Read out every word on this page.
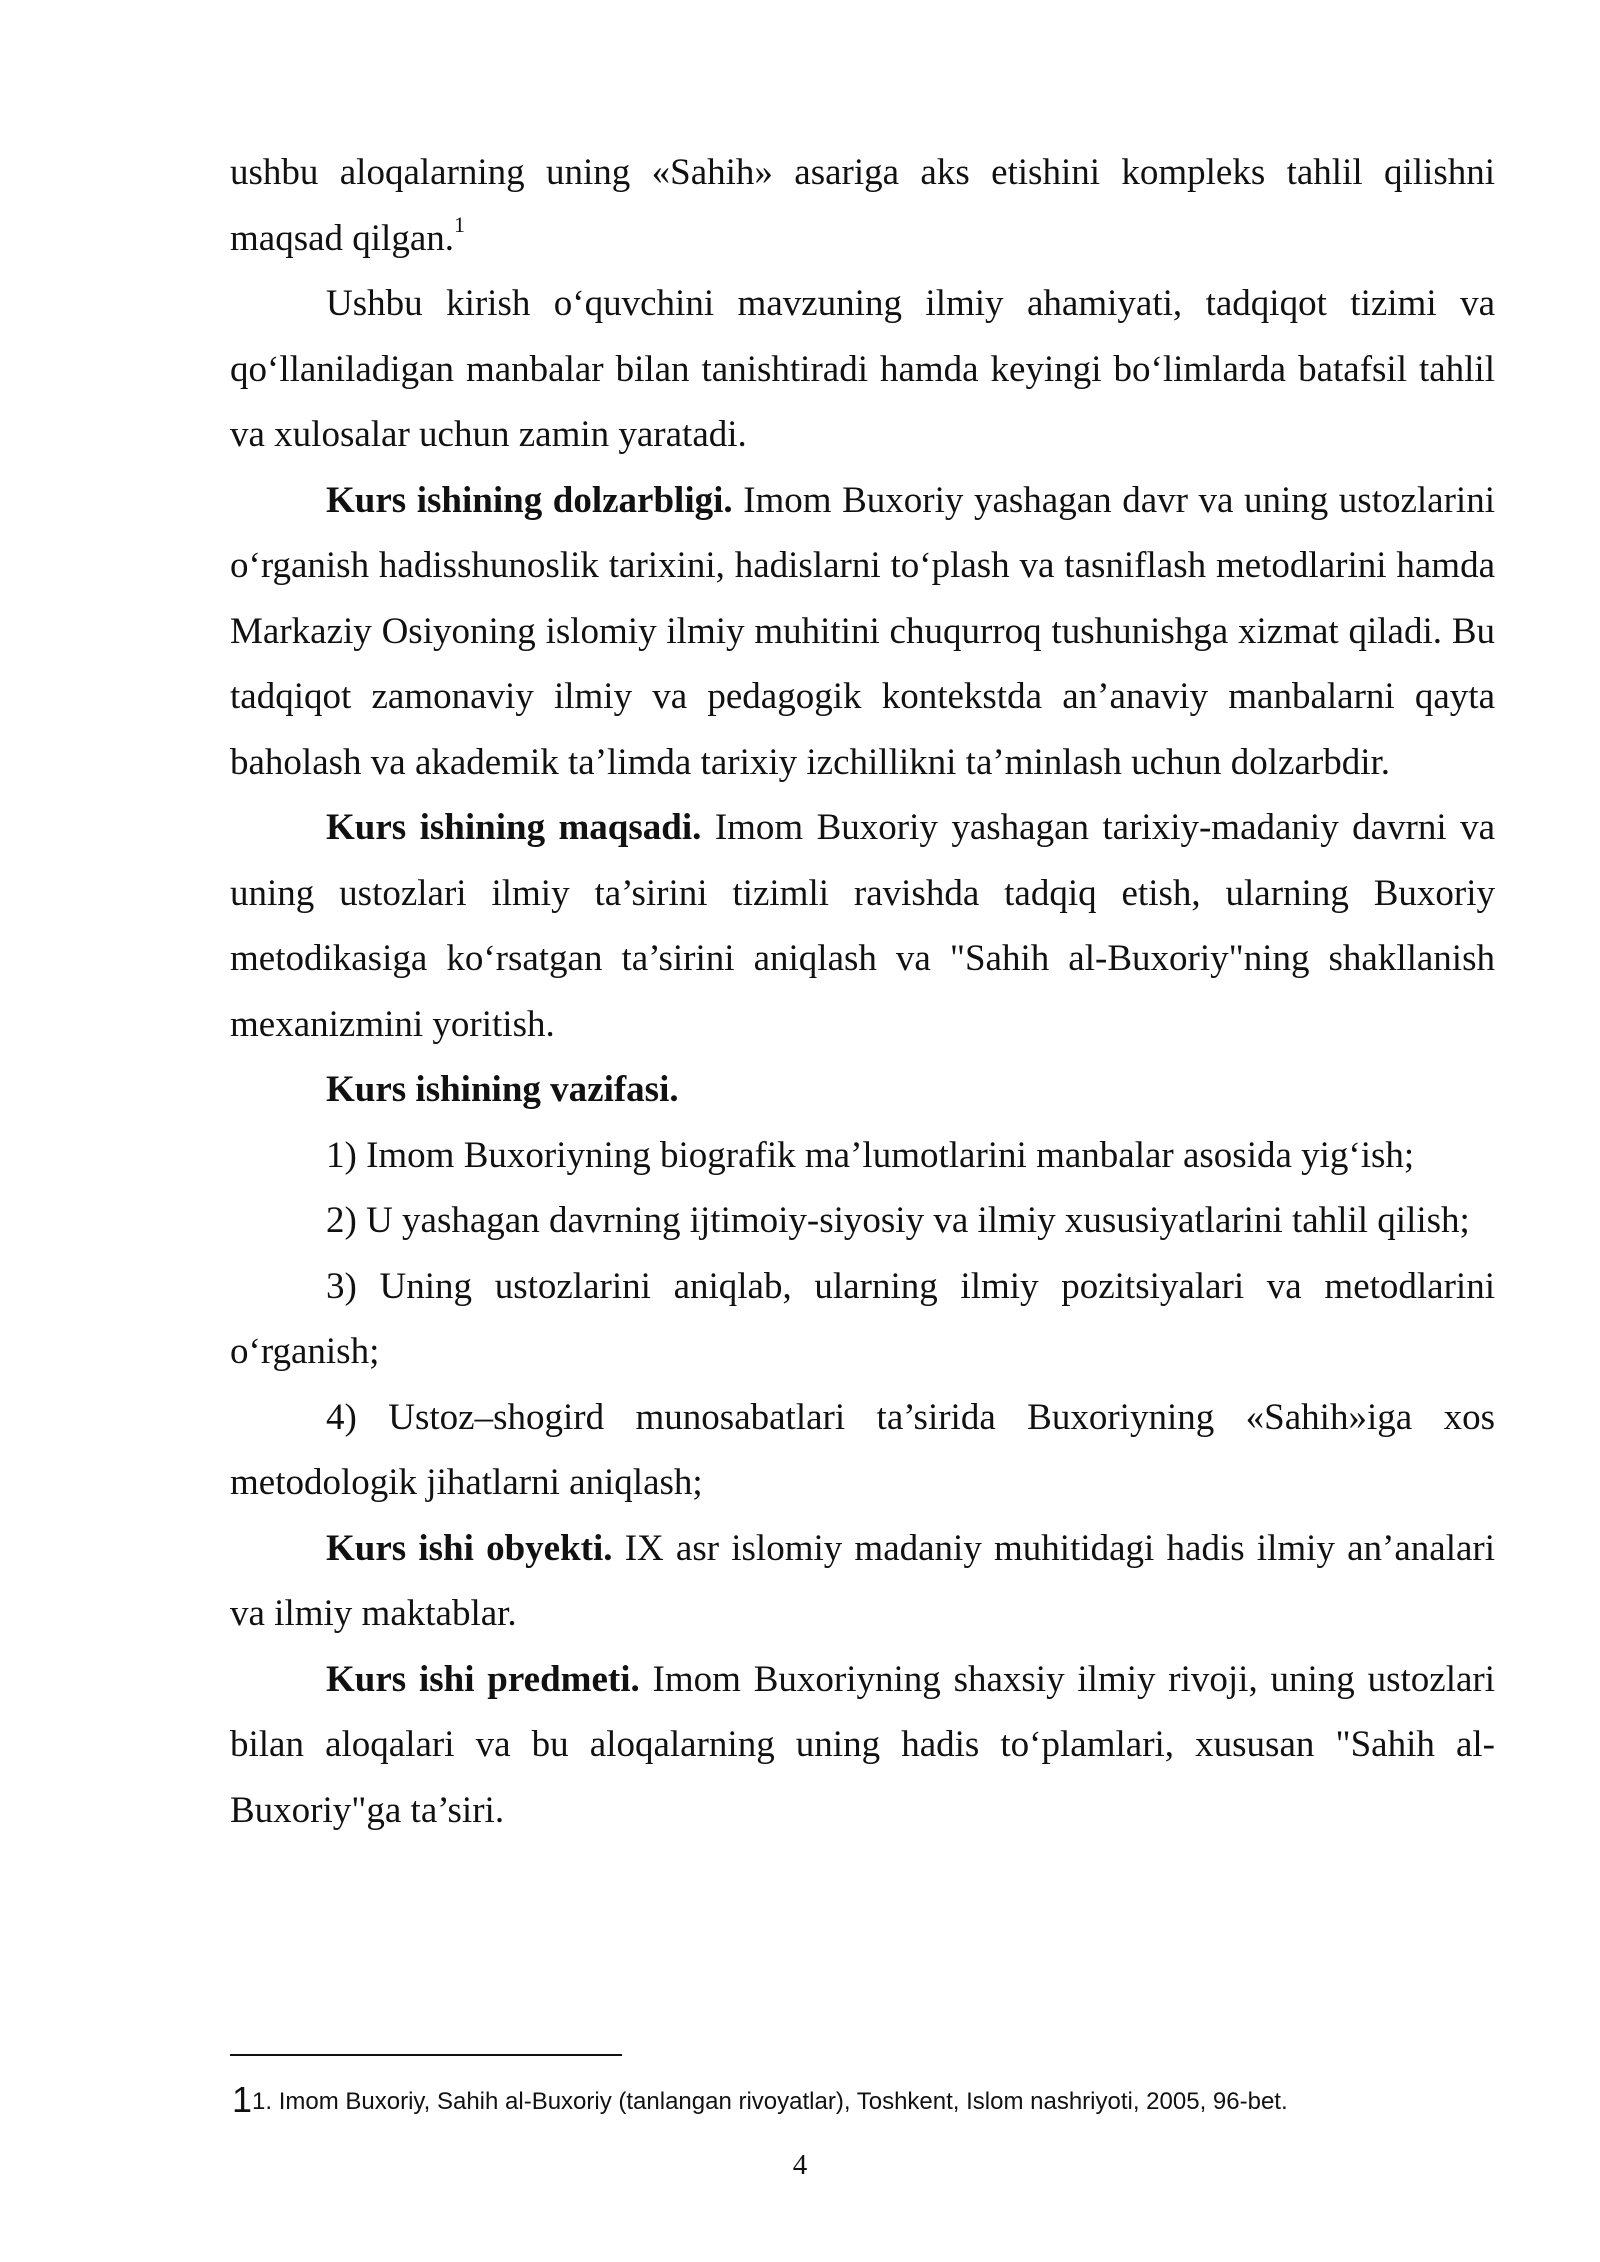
ushbu aloqalarning uning «Sahih» asariga aks etishini kompleks tahlil qilishni maqsad qilgan.$^1$

Ushbu kirish o‘quvchini mavzuning ilmiy ahamiyati, tadqiqot tizimi va qo‘llaniladigan manbalar bilan tanishtiradi hamda keyingi bo‘limlarda batafsil tahlil va xulosalar uchun zamin yaratadi.

Kurs ishining dolzarbligi. Imom Buxoriy yashagan davr va uning ustozlarini o‘rganish hadisshunoslik tarixini, hadislarni to‘plash va tasniflash metodlarini hamda Markaziy Osiyoning islomiy ilmiy muhitini chuqurroq tushunishga xizmat qiladi. Bu tadqiqot zamonaviy ilmiy va pedagogik kontekstda an’anaviy manbalarni qayta baholash va akademik ta’limda tarixiy izchillikni ta’minlash uchun dolzarbdir.

Kurs ishining maqsadi. Imom Buxoriy yashagan tarixiy-madaniy davrni va uning ustozlari ilmiy ta’sirini tizimli ravishda tadqiq etish, ularning Buxoriy metodikasiga ko‘rsatgan ta’sirini aniqlash va "Sahih al-Buxoriy"ning shakllanish mexanizmini yoritish.

Kurs ishining vazifasi.

1) Imom Buxoriyning biografik ma’lumotlarini manbalar asosida yig‘ish;

2) U yashagan davrning ijtimoiy-siyosiy va ilmiy xususiyatlarini tahlil qilish;

3) Uning ustozlarini aniqlab, ularning ilmiy pozitsiyalari va metodlarini o‘rganish;

4) Ustoz–shogird munosabatlari ta’sirida Buxoriyning «Sahih»iga xos metodologik jihatlarni aniqlash;

Kurs ishi obyekti. IX asr islomiy madaniy muhitidagi hadis ilmiy an’analari va ilmiy maktablar.

Kurs ishi predmeti. Imom Buxoriyning shaxsiy ilmiy rivoji, uning ustozlari bilan aloqalari va bu aloqalarning uning hadis to‘plamlari, xususan "Sahih al-Buxoriy"ga ta’siri.

11. Imom Buxoriy, Sahih al-Buxoriy (tanlangan rivoyatlar), Toshkent, Islom nashriyoti, 2005, 96-bet.
4
